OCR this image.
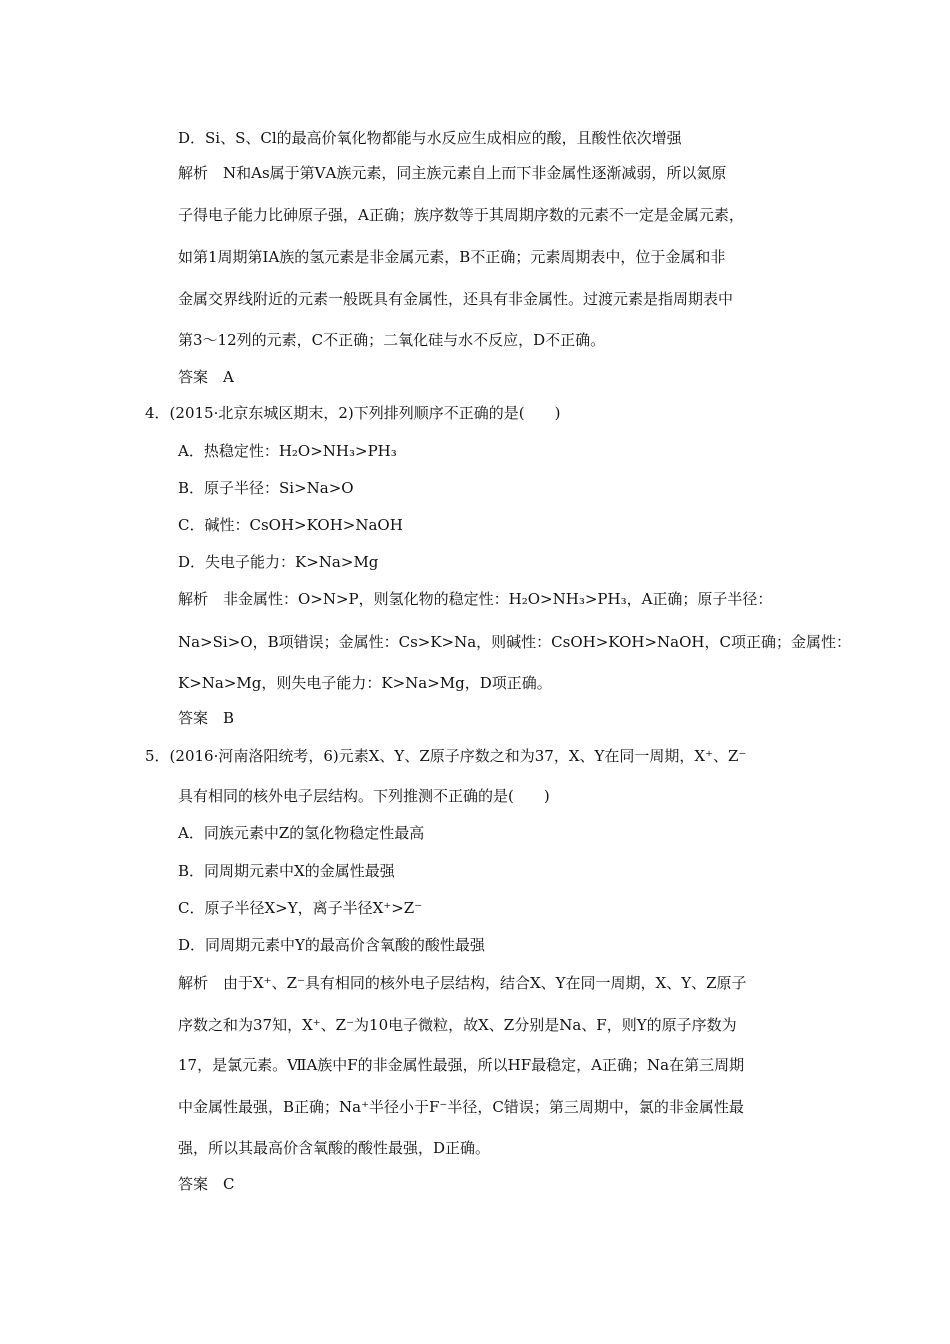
D．Si、S、Cl的最高价氧化物都能与水反应生成相应的酸，且酸性依次增强
解析　N和As属于第ⅤA族元素，同主族元素自上而下非金属性逐渐减弱，所以氮原
子得电子能力比砷原子强，A正确；族序数等于其周期序数的元素不一定是金属元素，
如第1周期第ⅠA族的氢元素是非金属元素，B不正确；元素周期表中，位于金属和非
金属交界线附近的元素一般既具有金属性，还具有非金属性。过渡元素是指周期表中
第3～12列的元素，C不正确；二氧化硅与水不反应，D不正确。
答案　A
4．(2015·北京东城区期末，2)下列排列顺序不正确的是(　　)
A．热稳定性：H₂O>NH₃>PH₃
B．原子半径：Si>Na>O
C．碱性：CsOH>KOH>NaOH
D．失电子能力：K>Na>Mg
解析　非金属性：O>N>P，则氢化物的稳定性：H₂O>NH₃>PH₃，A正确；原子半径：
Na>Si>O，B项错误；金属性：Cs>K>Na，则碱性：CsOH>KOH>NaOH，C项正确；金属性：
K>Na>Mg，则失电子能力：K>Na>Mg，D项正确。
答案　B
5．(2016·河南洛阳统考，6)元素X、Y、Z原子序数之和为37，X、Y在同一周期，X⁺、Z⁻
具有相同的核外电子层结构。下列推测不正确的是(　　)
A．同族元素中Z的氢化物稳定性最高
B．同周期元素中X的金属性最强
C．原子半径X>Y，离子半径X⁺>Z⁻
D．同周期元素中Y的最高价含氧酸的酸性最强
解析　由于X⁺、Z⁻具有相同的核外电子层结构，结合X、Y在同一周期，X、Y、Z原子
序数之和为37知，X⁺、Z⁻为10电子微粒，故X、Z分别是Na、F，则Y的原子序数为
17，是氯元素。ⅦA族中F的非金属性最强，所以HF最稳定，A正确；Na在第三周期
中金属性最强，B正确；Na⁺半径小于F⁻半径，C错误；第三周期中，氯的非金属性最
强，所以其最高价含氧酸的酸性最强，D正确。
答案　C
